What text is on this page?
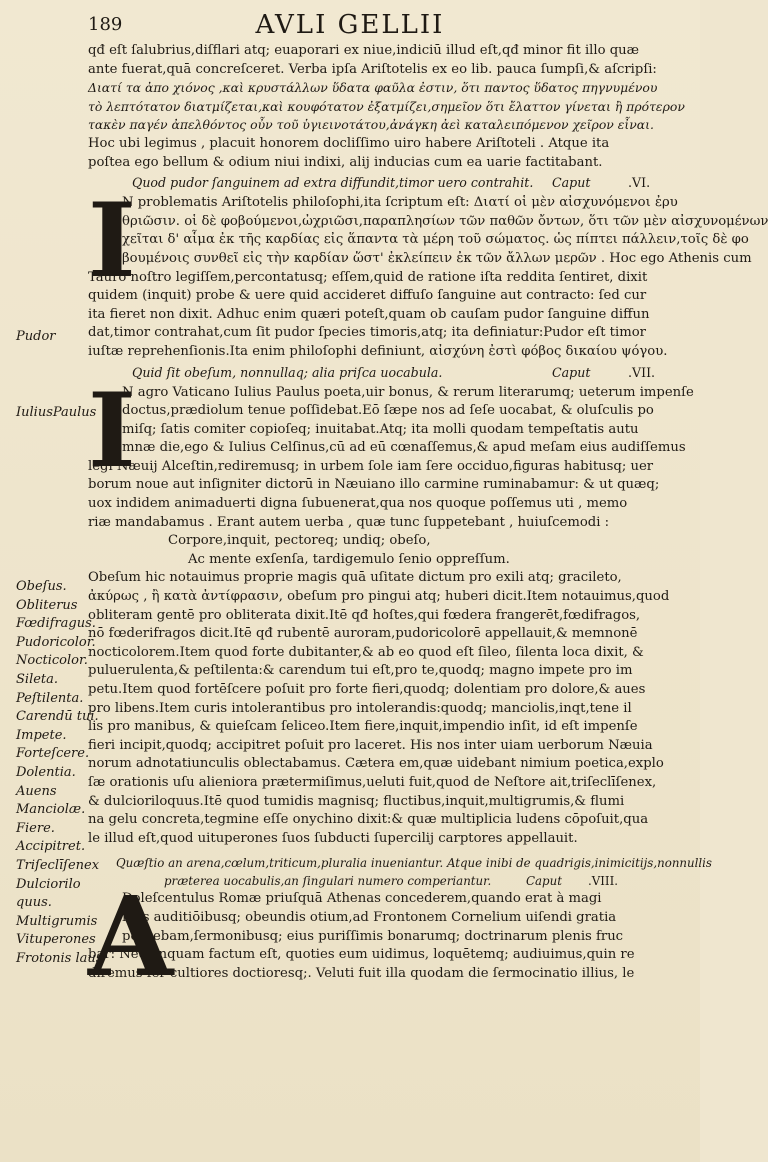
189	AVLI GELLII
Pudor
IuliusPaulus
Obeſus.
Obliterus
Fœdifragus.
Pudoricolor.
Nocticolor.
Sileta.
Peſtilenta.
Carendū tui.
Impete.
Forteſcere.
Dolentia.
Auens
Manciolæ.
Fiere.
Accipitret.
Triſeclīſenex
Dulciorilo
quus.
Multigrumis
Vituperones
Frotonis laus
qđ eſt ſalubrius,diſflari atq; euaporari ex niue,indiciū illud eſt,qđ minor fit illo quæ
ante fuerat,quā concreſceret. Verba ipſa Ariſtotelis ex eo lib. pauca ſumpſi,& aſcripſi:
Διατί τα ἀπο χιόνος ,καὶ κρυστάλλων ὕδατα φαῦλα ἐστιν, ὅτι παντος ὕδατος πηγνυμένου
τὸ λεπτότατον διατμίζεται,καὶ κουφότατον ἐξατμίζει,σημεῖον ὅτι ἔλαττον γίνεται ἢ πρότερον
τακὲν παγέν ἀπελθόντος οὖν τοῦ ὑγιεινοτάτου,ἀνάγκη ἀεὶ καταλειπόμενον χεῖρον εἶναι.
Hoc ubi legimus , placuit honorem docliſſimo uiro habere Ariſtoteli . Atque ita
poſtea ego bellum & odium niui indixi, alij inducias cum ea uarie factitabant.
Quod pudor ſanguinem ad extra diffundit,timor uero contrahit. Caput	.VI.
I
N problematis Ariſtotelis philoſophi,ita ſcriptum eſt: Διατί οἱ μὲν αἰσχυνόμενοι ἐρυ
θριῶσιν. οἱ δὲ φοβούμενοι,ὠχριῶσι,παραπλησίων τῶν παθῶν ὄντων, ὅτι τῶν μὲν αἰσχυνομένων
χεῖται δ' αἷμα ἐκ τῆς καρδίας εἰς ἅπαντα τὰ μέρη τοῦ σώματος. ὡς πίπτει πάλλειν,τοῖς δὲ φο
βουμένοις συνθεῖ εἰς τὴν καρδίαν ὥστ' ἐκλείπειν ἐκ τῶν ἄλλων μερῶν . Hoc ego Athenis cum
Tauro noſtro legiſſem,percontatusq; eſſem,quid de ratione iſta reddita ſentiret, dixit
quidem (inquit) probe & uere quid accideret diffuſo ſanguine aut contracto: ſed cur
ita fieret non dixit. Adhuc enim quæri poteſt,quam ob cauſam pudor ſanguine diffun
dat,timor contrahat,cum ſit pudor ſpecies timoris,atq; ita definiatur:Pudor eſt timor
iuſtæ reprehenſionis.Ita enim philoſophi definiunt, αἰσχύνη ἐστὶ φόβος δικαίου ψόγου.
Quid ſit obeſum, nonnullaq; alia priſca uocabula.	Caput	.VII.
I
N agro Vaticano Iulius Paulus poeta,uir bonus, & rerum literarumq; ueterum impenſe
doctus,prædiolum tenue poſſidebat.Eō ſæpe nos ad ſeſe uocabat, & oluſculis po
miſq; ſatis comiter copioſeq; inuitabat.Atq; ita molli quodam tempeſtatis autu
mnæ die,ego & Iulius Celſinus,cū ad eū cœnaſſemus,& apud meſam eius audiſſemus
legi Næuij Alceſtin,rediremusq; in urbem ſole iam ſere occiduo,figuras habitusq; uer
borum noue aut inſigniter dictorū in Næuiano illo carmine ruminabamur: & ut quæq;
uox indidem animaduerti digna ſubuenerat,qua nos quoque poſſemus uti , memo
riæ mandabamus . Erant autem uerba , quæ tunc ſuppetebant , huiuſcemodi :
Corpore,inquit, pectoreq; undiq; obeſo,
Ac mente exſenſa, tardigemulo ſenio oppreſſum.
Obeſum hic notauimus proprie magis quā uſitate dictum pro exili atq; gracileto,
ἀκύρως , ἢ κατὰ ἀντίφρασιν, obeſum pro pingui atq; huberi dicit.Item notauimus,quod
obliteram gentē pro obliterata dixit.Itē qđ hoſtes,qui fœdera frangerēt,fœdifragos,
nō fœderifragos dicit.Itē qđ rubentē auroram,pudoricolorē appellauit,& memnonē
nocticolorem.Item quod forte dubitanter,& ab eo quod eſt ſileo, ſilenta loca dixit, &
puluerulenta,& peſtilenta:& carendum tui eſt,pro te,quodq; magno impete pro im
petu.Item quod fortēſcere poſuit pro forte fieri,quodq; dolentiam pro dolore,& aues
pro libens.Item curis intolerantibus pro intolerandis:quodq; manciolis,inqt,tene il
lis pro manibus, & quieſcam ſeliceo.Item fiere,inquit,impendio inſit, id eſt impenſe
fieri incipit,quodq; accipitret poſuit pro laceret. His nos inter uiam uerborum Næuia
norum adnotatiunculis oblectabamus. Cætera em,quæ uidebant nimium poetica,explo
ſæ orationis uſu alieniora prætermiſimus,ueluti fuit,quod de Neſtore ait,triſeclīſenex,
& dulcioriloquus.Itē quod tumidis magnisq; fluctibus,inquit,multigrumis,& flumi
na gelu concreta,tegmine eſſe onychino dixit:& quæ multiplicia ludens cōpoſuit,qua
le illud eſt,quod uituperones ſuos ſubducti ſupercilij carptores appellauit.
Quæſtio an arena,cœlum,triticum,pluralia inueniantur. Atque inibi de quadrigis,inimicitijs,nonnullis
præterea uocabulis,an ſingulari numero comperiantur.	Caput .VIII.
A
Doleſcentulus Romæ priuſquā Athenas concederem,quando erat à magi
ſtris auditiōibusq; obeundis otium,ad Frontonem Cornelium uiſendi gratia
pergebam,ſermonibusq; eius puriſſimis bonarumq; doctrinarum plenis fruc
bar: Nec unquam factum eſt, quoties eum uidimus, loquētemq; audiuimus,quin re
diremus fer cultiores doctioresq;. Veluti fuit illa quodam die ſermocinatio illius, le
